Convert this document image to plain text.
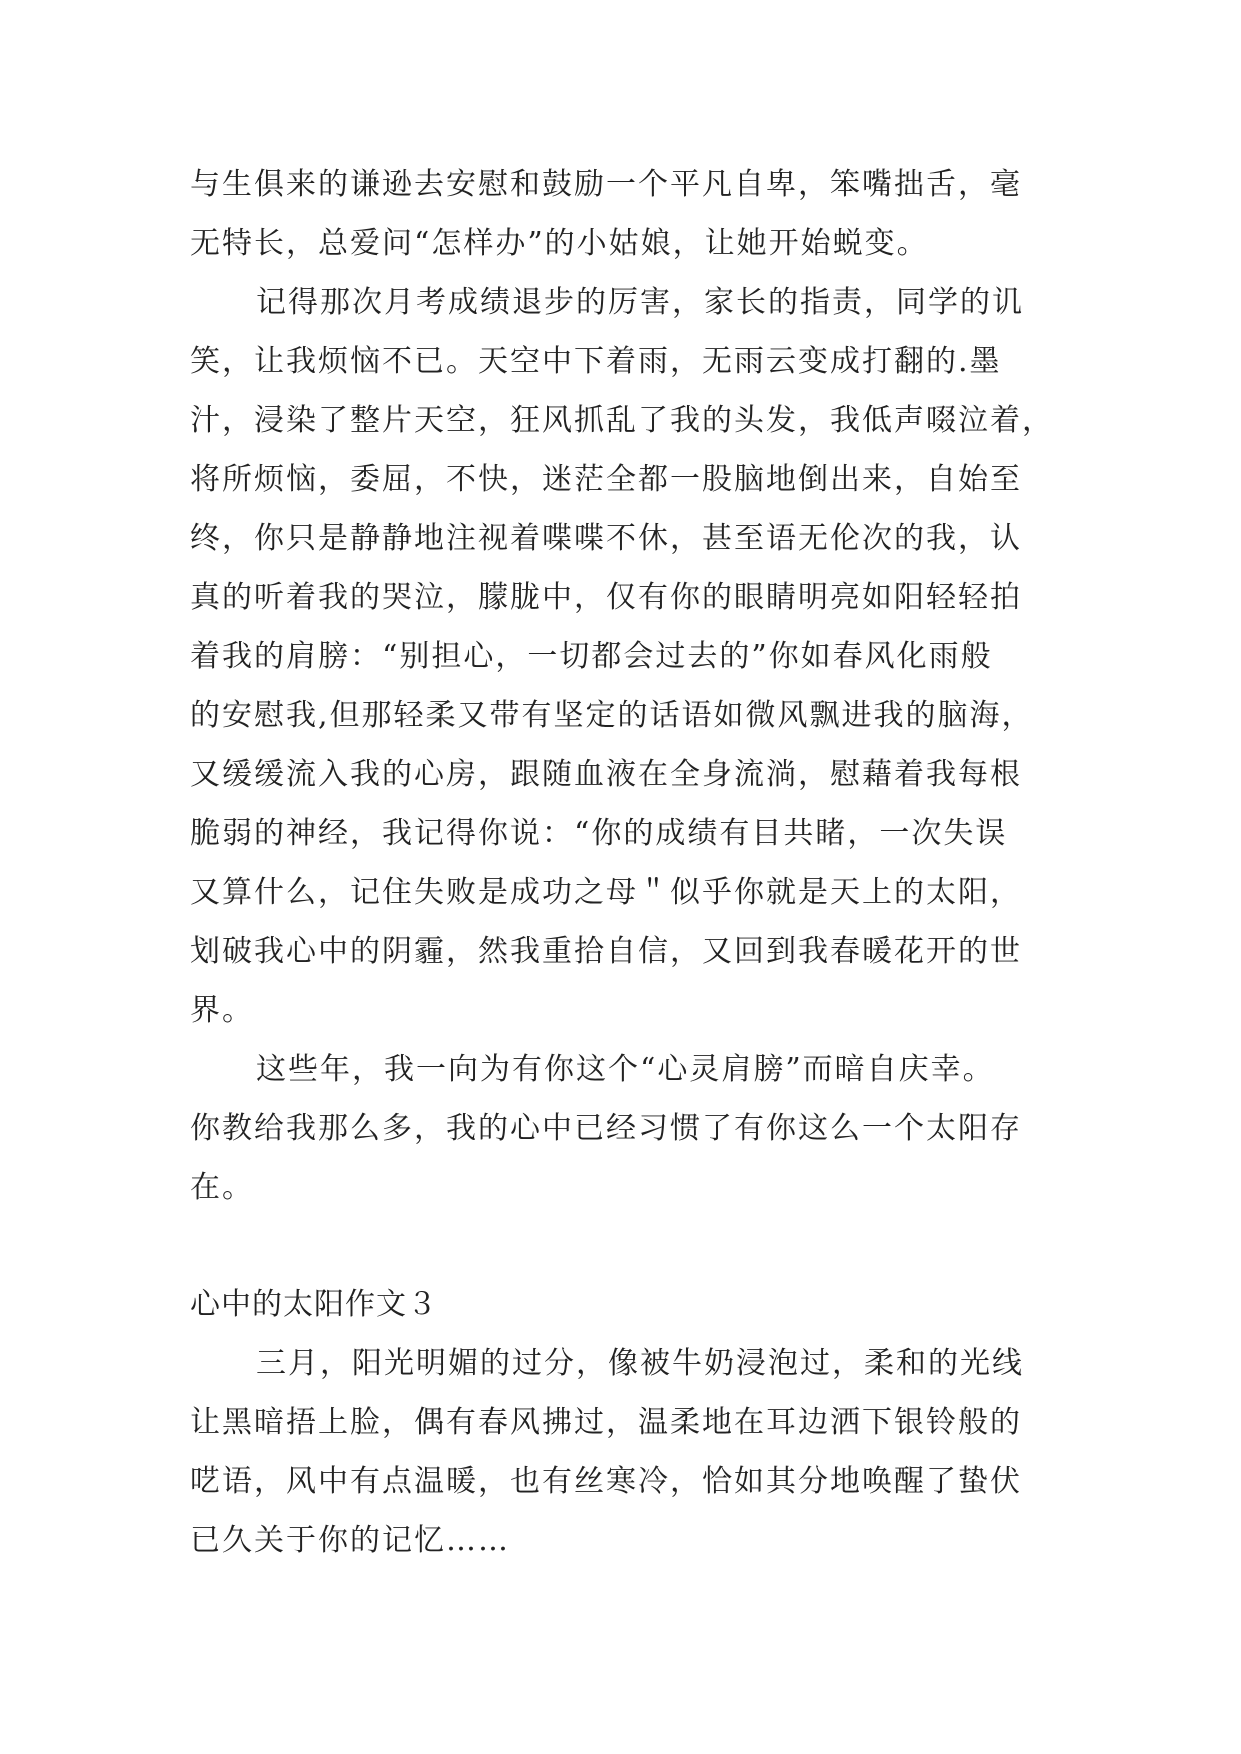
与生俱来的谦逊去安慰和鼓励一个平凡自卑，笨嘴拙舌，毫
无特长，总爱问“怎样办”的小姑娘，让她开始蜕变。
记得那次月考成绩退步的厉害，家长的指责，同学的讥
笑，让我烦恼不已。天空中下着雨，无雨云变成打翻的.墨
汁，浸染了整片天空，狂风抓乱了我的头发，我低声啜泣着，
将所烦恼，委屈，不快，迷茫全都一股脑地倒出来，自始至
终，你只是静静地注视着喋喋不休，甚至语无伦次的我，认
真的听着我的哭泣，朦胧中，仅有你的眼睛明亮如阳轻轻拍
着我的肩膀：“别担心，一切都会过去的”你如春风化雨般
的安慰我,但那轻柔又带有坚定的话语如微风飘进我的脑海，
又缓缓流入我的心房，跟随血液在全身流淌，慰藉着我每根
脆弱的神经，我记得你说：“你的成绩有目共睹，一次失误
又算什么，记住失败是成功之母＂似乎你就是天上的太阳，
划破我心中的阴霾，然我重拾自信，又回到我春暖花开的世
界。
这些年，我一向为有你这个“心灵肩膀”而暗自庆幸。
你教给我那么多，我的心中已经习惯了有你这么一个太阳存
在。
心中的太阳作文３
三月，阳光明媚的过分，像被牛奶浸泡过，柔和的光线
让黑暗捂上脸，偶有春风拂过，温柔地在耳边洒下银铃般的
呓语，风中有点温暖，也有丝寒冷，恰如其分地唤醒了蛰伏
已久关于你的记忆……
